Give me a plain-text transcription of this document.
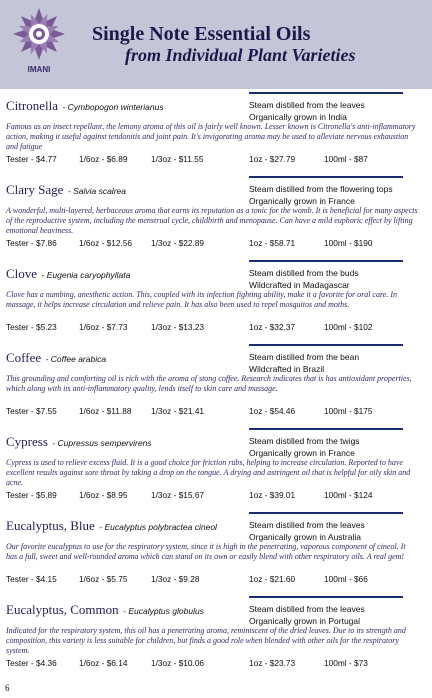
IMANI
Single Note Essential Oils
from Individual Plant Varieties
Citronella - Cymbopogon winterianus	Steam distilled from the leaves
Organically grown in India
Famous as an insect repellant, the lemony aroma of this oil is fairly well known. Lesser known is Citronella's anti-inflammatory action, making it useful against tendonitis and joint pain. It's invigorating aroma may be used to alleviate nervous exhaustion and fatigue
Tester - $4.77	1/6oz - $6.89	1/3oz - $11.55	1oz - $27.79	100ml - $87
Clary Sage - Salvia scalrea	Steam distilled from the flowering tops
Organically grown in France
A wonderful, multi-layered, herbaceous aroma that earns its reputation as a tonic for the womb. It is beneficial for many aspects of the reproductive system, including the menstrual cycle, childbirth and menopause. Can have a mild euphoric effect by lifting emotional heaviness.
Tester - $7.86	1/6oz - $12.56 1/3oz - $22.89	1oz - $58.71	100ml - $190
Clove - Eugenia caryophyllata	Steam distilled from the buds
Wildcrafted in Madagascar
Clove has a numbing, anesthetic action. This, coupled with its infection fighting ability, make it a favorite for oral care. In massage, it helps increase circulation and relieve pain. It has also been used to repel mosquitos and moths.
Tester - $5.23	1/6oz - $7.73	1/3oz - $13.23	1oz - $32.37	100ml - $102
Coffee - Coffee arabica	Steam distilled from the bean
Wildcrafted in Brazil
This grounding and comforting oil is rich with the aroma of stong coffee. Research indicates that is has antioxidant properties, which along with its anti-inflammatory quality, lends itself to skin care and massage.
Tester - $7.55	1/6oz - $11.88 1/3oz - $21.41	1oz - $54.46	100ml - $175
Cypress - Cupressus sempervirens	Steam distilled from the twigs
Organically grown in France
Cypress is used to relieve excess fluid. It is a good choice for friction rubs, helping to increase circulation. Reported to have excellent results against sore throat by taking a drop on the tongue. A drying and astringent oil that is helpful for oily skin and acne.
Tester - $5.89	1/6oz - $8.95	1/3oz - $15.67	1oz - $39.01	100ml - $124
Eucalyptus, Blue - Eucalyptus polybractea cineol	Steam distilled from the leaves
Organically grown in Australia
Our favorite eucalyptus to use for the respiratory system, since it is high in the penetrating, vaporous component of cineol. It has a full, sweet and well-rounded aroma which can stand on its own or easily blend with other respiratory oils. A real gem!
Tester - $4.15	1/6oz - $5.75	1/3oz - $9.28	1oz - $21.60	100ml - $66
Eucalyptus, Common - Eucalyptus globulus	Steam distilled from the leaves
Organically grown in Portugal
Indicated for the respiratory system, this oil has a penetrating aroma, reminiscent of the dried leaves. Due to its strength and composition, this variety is less suitable for children, but finds a good role when blended with other oils for the respiratory system.
Tester - $4.36	1/6oz - $6.14	1/3oz - $10.06	1oz - $23.73	100ml - $73
6
